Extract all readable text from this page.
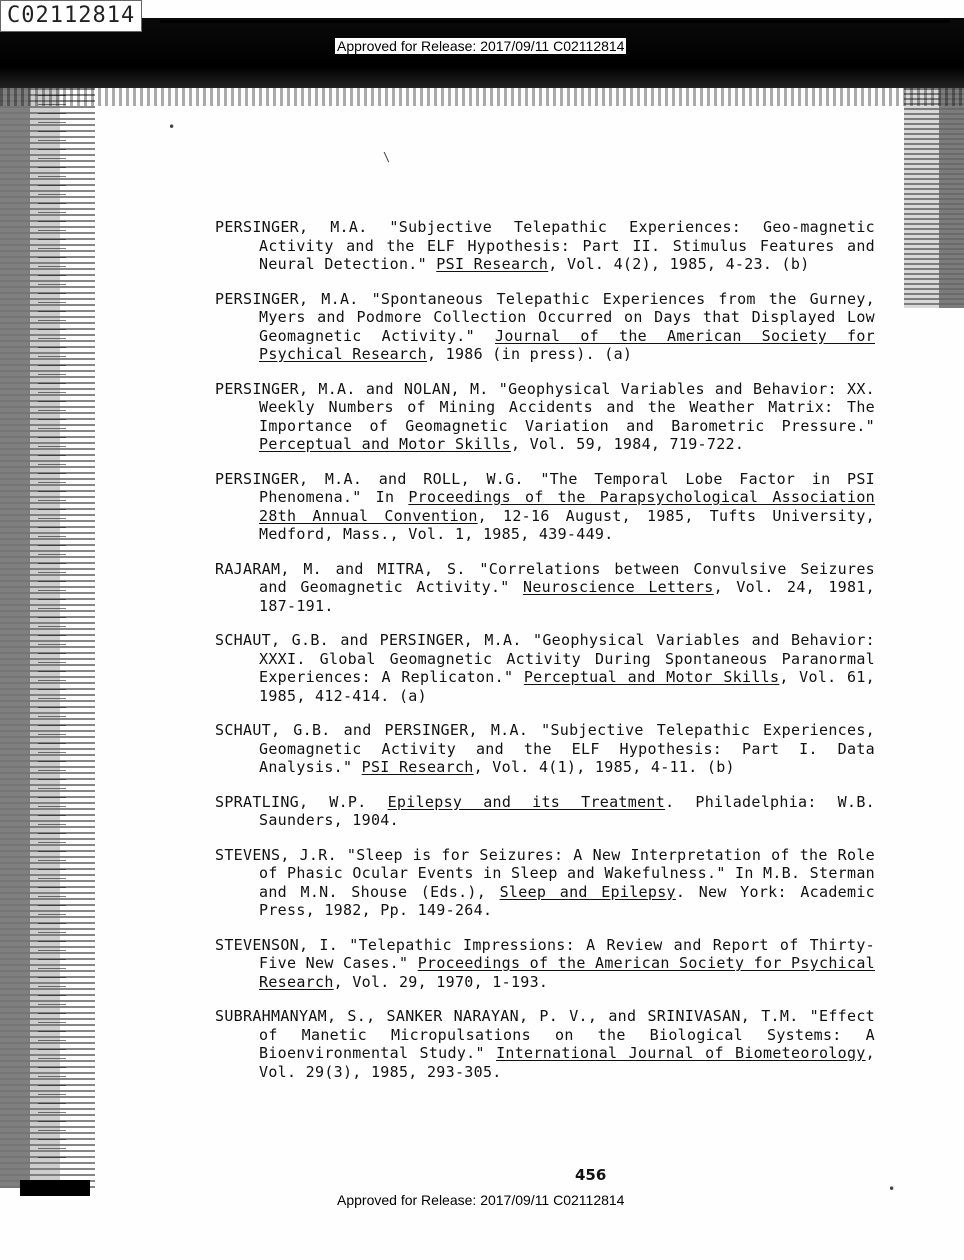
•
\
•
C02112814
Approved for Release: 2017/09/11 C02112814

PERSINGER, M.A. "Subjective Telepathic Experiences: Geo-magnetic Activity and the ELF Hypothesis: Part II. Stimulus Features and Neural Detection." PSI Research, Vol. 4(2), 1985, 4-23. (b)

PERSINGER, M.A. "Spontaneous Telepathic Experiences from the Gurney, Myers and Podmore Collection Occurred on Days that Displayed Low Geomagnetic Activity." Journal of the American Society for Psychical Research, 1986 (in press). (a)

PERSINGER, M.A. and NOLAN, M. "Geophysical Variables and Behavior: XX. Weekly Numbers of Mining Accidents and the Weather Matrix: The Importance of Geomagnetic Variation and Barometric Pressure." Perceptual and Motor Skills, Vol. 59, 1984, 719-722.

PERSINGER, M.A. and ROLL, W.G. "The Temporal Lobe Factor in PSI Phenomena." In Proceedings of the Parapsychological Association 28th Annual Convention, 12-16 August, 1985, Tufts University, Medford, Mass., Vol. 1, 1985, 439-449.

RAJARAM, M. and MITRA, S. "Correlations between Convulsive Seizures and Geomagnetic Activity." Neuroscience Letters, Vol. 24, 1981, 187-191.

SCHAUT, G.B. and PERSINGER, M.A. "Geophysical Variables and Behavior: XXXI. Global Geomagnetic Activity During Spontaneous Paranormal Experiences: A Replicaton." Perceptual and Motor Skills, Vol. 61, 1985, 412-414. (a)

SCHAUT, G.B. and PERSINGER, M.A. "Subjective Telepathic Experiences, Geomagnetic Activity and the ELF Hypothesis: Part I. Data Analysis." PSI Research, Vol. 4(1), 1985, 4-11. (b)

SPRATLING, W.P. Epilepsy and its Treatment. Philadelphia: W.B. Saunders, 1904.

STEVENS, J.R. "Sleep is for Seizures: A New Interpretation of the Role of Phasic Ocular Events in Sleep and Wakefulness." In M.B. Sterman and M.N. Shouse (Eds.), Sleep and Epilepsy. New York: Academic Press, 1982, Pp. 149-264.

STEVENSON, I. "Telepathic Impressions: A Review and Report of Thirty-Five New Cases." Proceedings of the American Society for Psychical Research, Vol. 29, 1970, 1-193.

SUBRAHMANYAM, S., SANKER NARAYAN, P. V., and SRINIVASAN, T.M. "Effect of Manetic Micropulsations on the Biological Systems: A Bioenvironmental Study." International Journal of Biometeorology, Vol. 29(3), 1985, 293-305.

456
Approved for Release: 2017/09/11 C02112814
